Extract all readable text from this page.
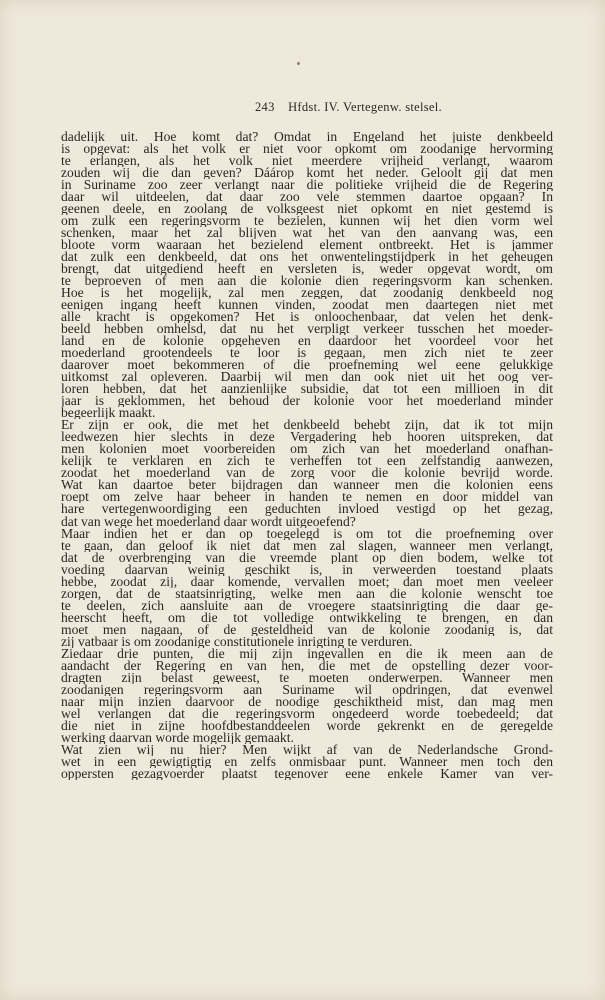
243 Hfdst. IV. Vertegenw. stelsel.
dadelijk uit. Hoe komt dat? Omdat in Engeland het juiste denkbeeld
is opgevat: als het volk er niet voor opkomt om zoodanige hervorming
te erlangen, als het volk niet meerdere vrijheid verlangt, waarom
zouden wij die dan geven? Dáárop komt het neder. Geloolt gij dat men
in Suriname zoo zeer verlangt naar die politieke vrijheid die de Regering
daar wil uitdeelen, dat daar zoo vele stemmen daartoe opgaan? In
geenen deele, en zoolang de volksgeest niet opkomt en niet gestemd is
om zulk een regeringsvorm te bezielen, kunnen wij het dien vorm wel
schenken, maar het zal blijven wat het van den aanvang was, een
bloote vorm waaraan het bezielend element ontbreekt. Het is jammer
dat zulk een denkbeeld, dat ons het onwentelingstijdperk in het geheugen
brengt, dat uitgediend heeft en versleten is, weder opgevat wordt, om
te beproeven of men aan die kolonie dien regeringsvorm kan schenken.
Hoe is het mogelijk, zal men zeggen, dat zoodanig denkbeeld nog
eenigen ingang heeft kunnen vinden, zoodat men daartegen niet met
alle kracht is opgekomen? Het is onloochenbaar, dat velen het denk-
beeld hebben omhelsd, dat nu het verpligt verkeer tusschen het moeder-
land en de kolonie opgeheven en daardoor het voordeel voor het
moederland grootendeels te loor is gegaan, men zich niet te zeer
daarover moet bekommeren of die proefneming wel eene gelukkige
uitkomst zal opleveren. Daarbij wil men dan ook niet uit het oog ver-
loren hebben, dat het aanzienlijke subsidie, dat tot een millioen in dit
jaar is geklommen, het behoud der kolonie voor het moederland minder
begeerlijk maakt.
Er zijn er ook, die met het denkbeeld behebt zijn, dat ik tot mijn
leedwezen hier slechts in deze Vergadering heb hooren uitspreken, dat
men kolonien moet voorbereiden om zich van het moederland onafhan-
kelijk te verklaren en zich te verheffen tot een zelfstandig aanwezen,
zoodat het moederland van de zorg voor die kolonie bevrijd worde.
Wat kan daartoe beter bijdragen dan wanneer men die kolonien eens
roept om zelve haar beheer in handen te nemen en door middel van
hare vertegenwoordiging een geduchten invloed vestigd op het gezag,
dat van wege het moederland daar wordt uitgeoefend?
Maar indien het er dan op toegelegd is om tot die proefneming over
te gaan, dan geloof ik niet dat men zal slagen, wanneer men verlangt,
dat de overbrenging van die vreemde plant op dien bodem, welke tot
voeding daarvan weinig geschikt is, in verweerden toestand plaats
hebbe, zoodat zij, daar komende, vervallen moet; dan moet men veeleer
zorgen, dat de staatsinrigting, welke men aan die kolonie wenscht toe
te deelen, zich aansluite aan de vroegere staatsinrigting die daar ge-
heerscht heeft, om die tot volledige ontwikkeling te brengen, en dan
moet men nagaan, of de gesteldheid van de kolonie zoodanig is, dat
zij vatbaar is om zoodanige constitutionele inrigting te verduren.
Ziedaar drie punten, die mij zijn ingevallen en die ik meen aan de
aandacht der Regering en van hen, die met de opstelling dezer voor-
dragten zijn belast geweest, te moeten onderwerpen. Wanneer men
zoodanigen regeringsvorm aan Suriname wil opdringen, dat evenwel
naar mijn inzien daarvoor de noodige geschiktheid mist, dan mag men
wel verlangen dat die regeringsvorm ongedeerd worde toebedeeld; dat
die niet in zijne hoofdbestanddeelen worde gekrenkt en de geregelde
werking daarvan worde mogelijk gemaakt.
Wat zien wij nu hier? Men wijkt af van de Nederlandsche Grond-
wet in een gewigtigtig en zelfs onmisbaar punt. Wanneer men toch den
oppersten gezagvoerder plaatst tegenover eene enkele Kamer van ver-
